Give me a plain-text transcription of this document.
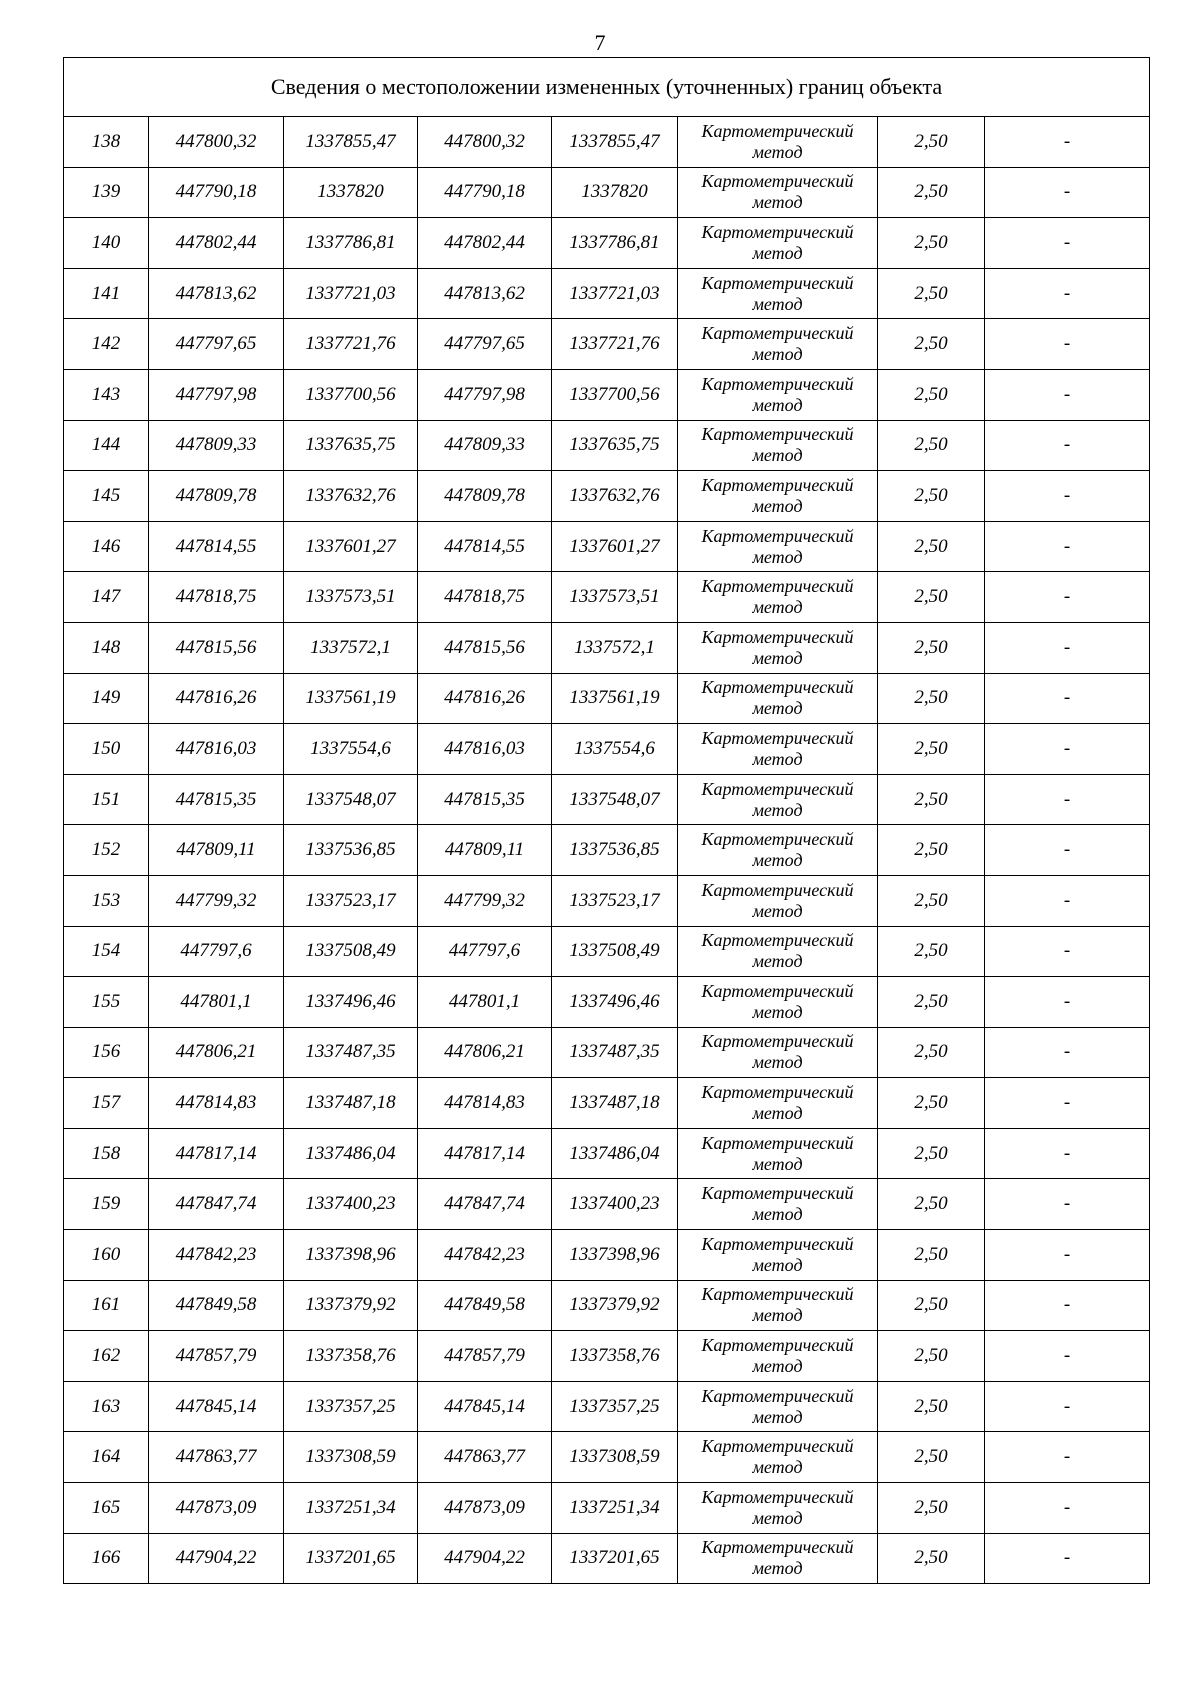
7
Сведения о местоположении измененных (уточненных) границ объекта							
138	447800,32	1337855,47	447800,32	1337855,47	Картометрический метод	2,50	-
139	447790,18	1337820	447790,18	1337820	Картометрический метод	2,50	-
140	447802,44	1337786,81	447802,44	1337786,81	Картометрический метод	2,50	-
141	447813,62	1337721,03	447813,62	1337721,03	Картометрический метод	2,50	-
142	447797,65	1337721,76	447797,65	1337721,76	Картометрический метод	2,50	-
143	447797,98	1337700,56	447797,98	1337700,56	Картометрический метод	2,50	-
144	447809,33	1337635,75	447809,33	1337635,75	Картометрический метод	2,50	-
145	447809,78	1337632,76	447809,78	1337632,76	Картометрический метод	2,50	-
146	447814,55	1337601,27	447814,55	1337601,27	Картометрический метод	2,50	-
147	447818,75	1337573,51	447818,75	1337573,51	Картометрический метод	2,50	-
148	447815,56	1337572,1	447815,56	1337572,1	Картометрический метод	2,50	-
149	447816,26	1337561,19	447816,26	1337561,19	Картометрический метод	2,50	-
150	447816,03	1337554,6	447816,03	1337554,6	Картометрический метод	2,50	-
151	447815,35	1337548,07	447815,35	1337548,07	Картометрический метод	2,50	-
152	447809,11	1337536,85	447809,11	1337536,85	Картометрический метод	2,50	-
153	447799,32	1337523,17	447799,32	1337523,17	Картометрический метод	2,50	-
154	447797,6	1337508,49	447797,6	1337508,49	Картометрический метод	2,50	-
155	447801,1	1337496,46	447801,1	1337496,46	Картометрический метод	2,50	-
156	447806,21	1337487,35	447806,21	1337487,35	Картометрический метод	2,50	-
157	447814,83	1337487,18	447814,83	1337487,18	Картометрический метод	2,50	-
158	447817,14	1337486,04	447817,14	1337486,04	Картометрический метод	2,50	-
159	447847,74	1337400,23	447847,74	1337400,23	Картометрический метод	2,50	-
160	447842,23	1337398,96	447842,23	1337398,96	Картометрический метод	2,50	-
161	447849,58	1337379,92	447849,58	1337379,92	Картометрический метод	2,50	-
162	447857,79	1337358,76	447857,79	1337358,76	Картометрический метод	2,50	-
163	447845,14	1337357,25	447845,14	1337357,25	Картометрический метод	2,50	-
164	447863,77	1337308,59	447863,77	1337308,59	Картометрический метод	2,50	-
165	447873,09	1337251,34	447873,09	1337251,34	Картометрический метод	2,50	-
166	447904,22	1337201,65	447904,22	1337201,65	Картометрический метод	2,50	-
